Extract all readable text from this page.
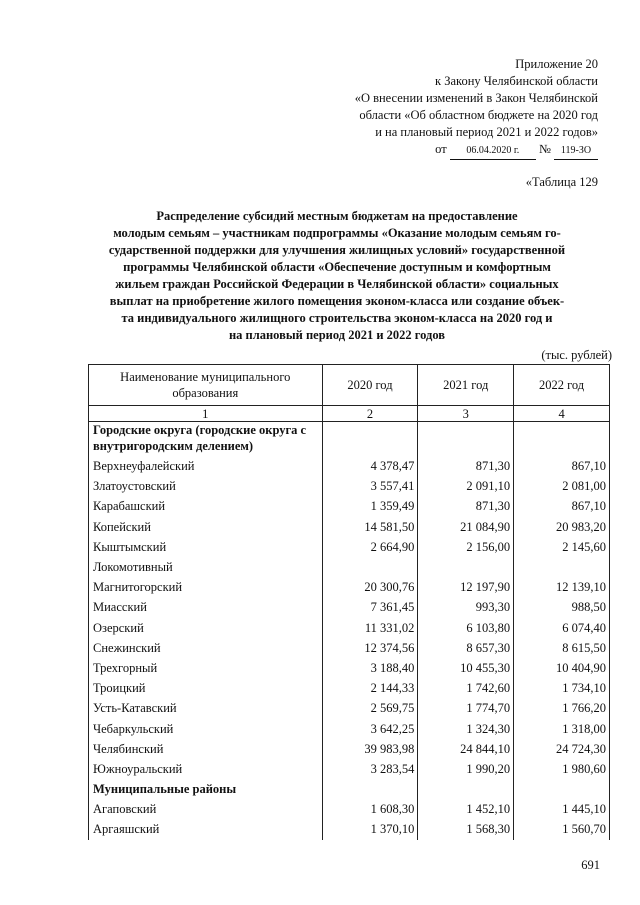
Приложение 20
к Закону Челябинской области
«О внесении изменений в Закон Челябинской
области «Об областном бюджете на 2020 год
и на плановый период 2021 и 2022 годов»
от 06.04.2020 г. № 119-ЗО
«Таблица 129
Распределение субсидий местным бюджетам на предоставление
молодым семьям – участникам подпрограммы «Оказание молодым семьям го-
сударственной поддержки для улучшения жилищных условий» государственной
программы Челябинской области «Обеспечение доступным и комфортным
жильем граждан Российской Федерации в Челябинской области» социальных
выплат на приобретение жилого помещения эконом-класса или создание объек-
та индивидуального жилищного строительства эконом-класса на 2020 год и
на плановый период 2021 и 2022 годов
(тыс. рублей)
Наименование муниципального образования	2020 год	2021 год	2022 год
1	2	3	4
Городские округа (городские округа с внутригородским делением)			
Верхнеуфалейский	4 378,47	871,30	867,10
Златоустовский	3 557,41	2 091,10	2 081,00
Карабашский	1 359,49	871,30	867,10
Копейский	14 581,50	21 084,90	20 983,20
Кыштымский	2 664,90	2 156,00	2 145,60
Локомотивный			
Магнитогорский	20 300,76	12 197,90	12 139,10
Миасский	7 361,45	993,30	988,50
Озерский	11 331,02	6 103,80	6 074,40
Снежинский	12 374,56	8 657,30	8 615,50
Трехгорный	3 188,40	10 455,30	10 404,90
Троицкий	2 144,33	1 742,60	1 734,10
Усть-Катавский	2 569,75	1 774,70	1 766,20
Чебаркульский	3 642,25	1 324,30	1 318,00
Челябинский	39 983,98	24 844,10	24 724,30
Южноуральский	3 283,54	1 990,20	1 980,60
Муниципальные районы			
Агаповский	1 608,30	1 452,10	1 445,10
Аргаяшский	1 370,10	1 568,30	1 560,70
691
